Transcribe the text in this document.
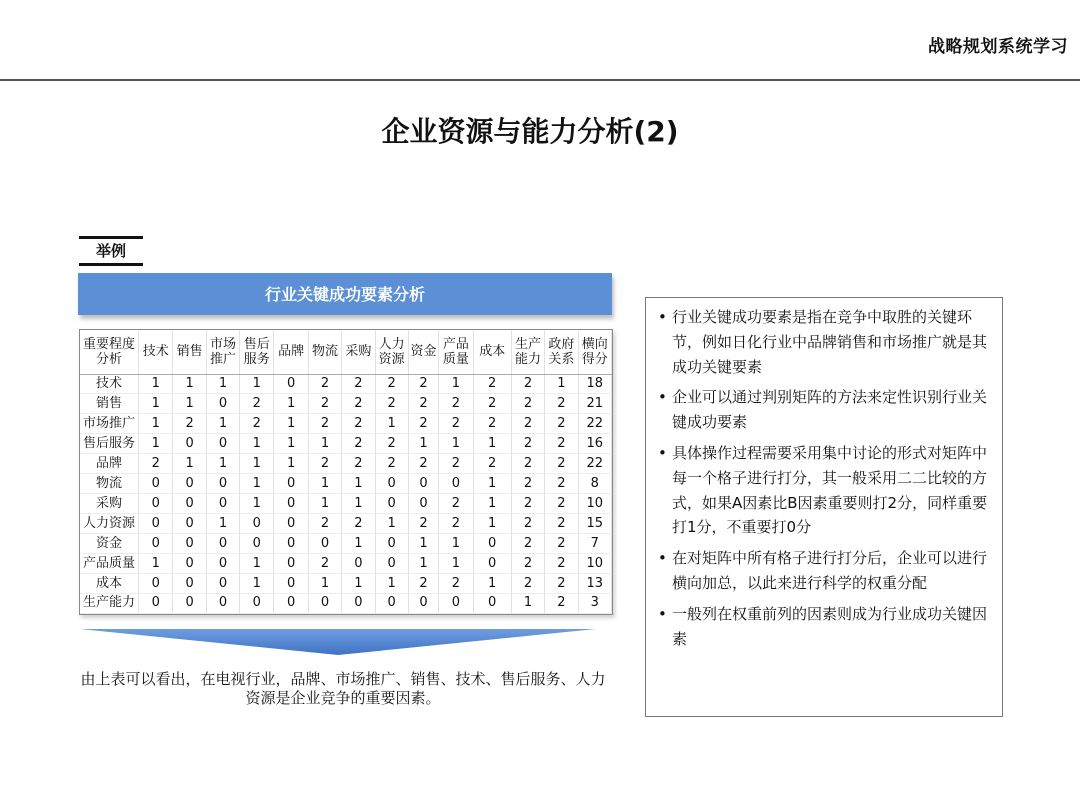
战略规划系统学习
企业资源与能力分析(2)
举例
行业关键成功要素分析
重要程度分析	技术	销售	市场推广	售后服务	品牌	物流	采购	人力资源	资金	产品质量	成本	生产能力	政府关系	横向得分
技术	1	1	1	1	0	2	2	2	2	1	2	2	1	18
销售	1	1	0	2	1	2	2	2	2	2	2	2	2	21
市场推广	1	2	1	2	1	2	2	1	2	2	2	2	2	22
售后服务	1	0	0	1	1	1	2	2	1	1	1	2	2	16
品牌	2	1	1	1	1	2	2	2	2	2	2	2	2	22
物流	0	0	0	1	0	1	1	0	0	0	1	2	2	8
采购	0	0	0	1	0	1	1	0	0	2	1	2	2	10
人力资源	0	0	1	0	0	2	2	1	2	2	1	2	2	15
资金	0	0	0	0	0	0	1	0	1	1	0	2	2	7
产品质量	1	0	0	1	0	2	0	0	1	1	0	2	2	10
成本	0	0	0	1	0	1	1	1	2	2	1	2	2	13
生产能力	0	0	0	0	0	0	0	0	0	0	0	1	2	3
由上表可以看出，在电视行业，品牌、市场推广、销售、技术、售后服务、人力资源是企业竞争的重要因素。
• 行业关键成功要素是指在竞争中取胜的关键环节，例如日化行业中品牌销售和市场推广就是其成功关键要素
• 企业可以通过判别矩阵的方法来定性识别行业关键成功要素
• 具体操作过程需要采用集中讨论的形式对矩阵中每一个格子进行打分，其一般采用二二比较的方式，如果A因素比B因素重要则打2分，同样重要打1分，不重要打0分
• 在对矩阵中所有格子进行打分后，企业可以进行横向加总，以此来进行科学的权重分配
• 一般列在权重前列的因素则成为行业成功关键因素
